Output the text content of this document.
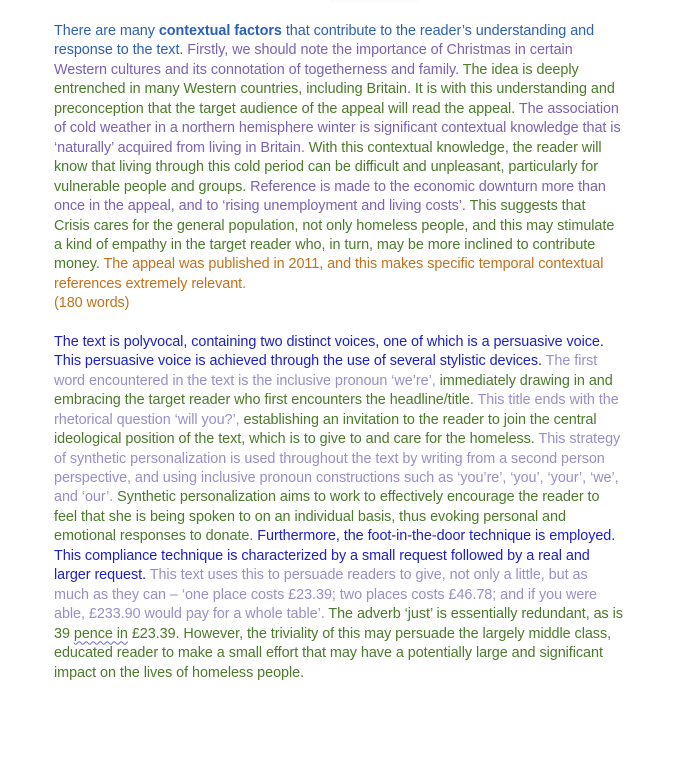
There are many contextual factors that contribute to the reader’s understanding and response to the text. Firstly, we should note the importance of Christmas in certain Western cultures and its connotation of togetherness and family. The idea is deeply entrenched in many Western countries, including Britain. It is with this understanding and preconception that the target audience of the appeal will read the appeal. The association of cold weather in a northern hemisphere winter is significant contextual knowledge that is ‘naturally’ acquired from living in Britain. With this contextual knowledge, the reader will know that living through this cold period can be difficult and unpleasant, particularly for vulnerable people and groups. Reference is made to the economic downturn more than once in the appeal, and to ‘rising unemployment and living costs’. This suggests that Crisis cares for the general population, not only homeless people, and this may stimulate a kind of empathy in the target reader who, in turn, may be more inclined to contribute money. The appeal was published in 2011, and this makes specific temporal contextual references extremely relevant.
(180 words)

The text is polyvocal, containing two distinct voices, one of which is a persuasive voice. This persuasive voice is achieved through the use of several stylistic devices. The first word encountered in the text is the inclusive pronoun ‘we’re’, immediately drawing in and embracing the target reader who first encounters the headline/title. This title ends with the rhetorical question ‘will you?’, establishing an invitation to the reader to join the central ideological position of the text, which is to give to and care for the homeless. This strategy of synthetic personalization is used throughout the text by writing from a second person perspective, and using inclusive pronoun constructions such as ‘you’re’, ‘you’, ‘your’, ‘we’, and ‘our’. Synthetic personalization aims to work to effectively encourage the reader to feel that she is being spoken to on an individual basis, thus evoking personal and emotional responses to donate. Furthermore, the foot-in-the-door technique is employed. This compliance technique is characterized by a small request followed by a real and larger request. This text uses this to persuade readers to give, not only a little, but as much as they can – ‘one place costs £23.39; two places costs £46.78; and if you were able, £233.90 would pay for a whole table’. The adverb ‘just’ is essentially redundant, as is 39 pence in £23.39. However, the triviality of this may persuade the largely middle class, educated reader to make a small effort that may have a potentially large and significant impact on the lives of homeless people.
